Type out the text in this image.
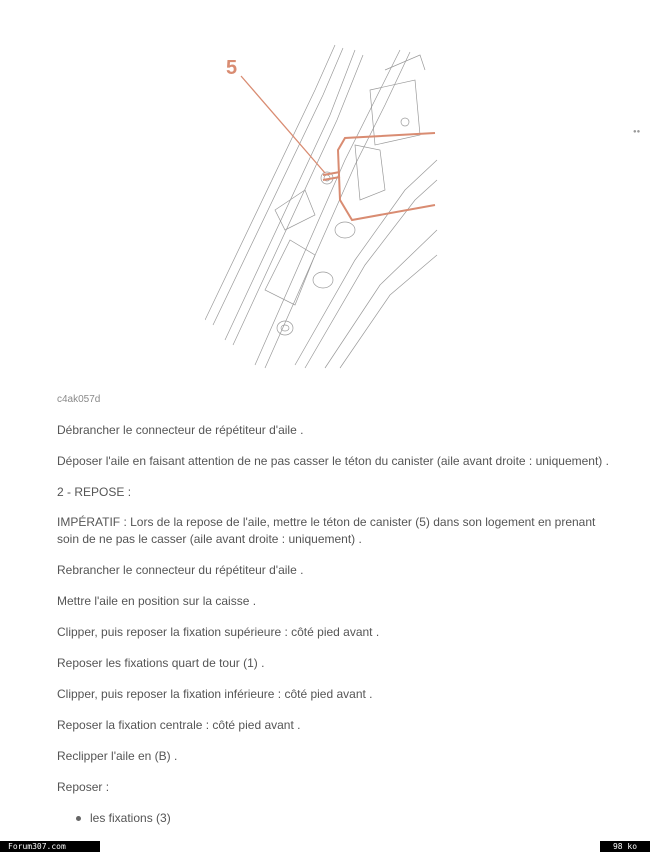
5
●●
c4ak057d
Débrancher le connecteur de répétiteur d'aile .
Déposer l'aile en faisant attention de ne pas casser le téton du canister (aile avant droite : uniquement) .
2 - REPOSE :
IMPÉRATIF : Lors de la repose de l'aile, mettre le téton de canister (5) dans son logement en prenant soin de ne pas le casser (aile avant droite : uniquement) .
Rebrancher le connecteur du répétiteur d'aile .
Mettre l'aile en position sur la caisse .
Clipper, puis reposer la fixation supérieure : côté pied avant .
Reposer les fixations quart de tour (1) .
Clipper, puis reposer la fixation inférieure : côté pied avant .
Reposer la fixation centrale : côté pied avant .
Reclipper l'aile en (B) .
Reposer :
les fixations (3)
Forum307.com	98 ko
